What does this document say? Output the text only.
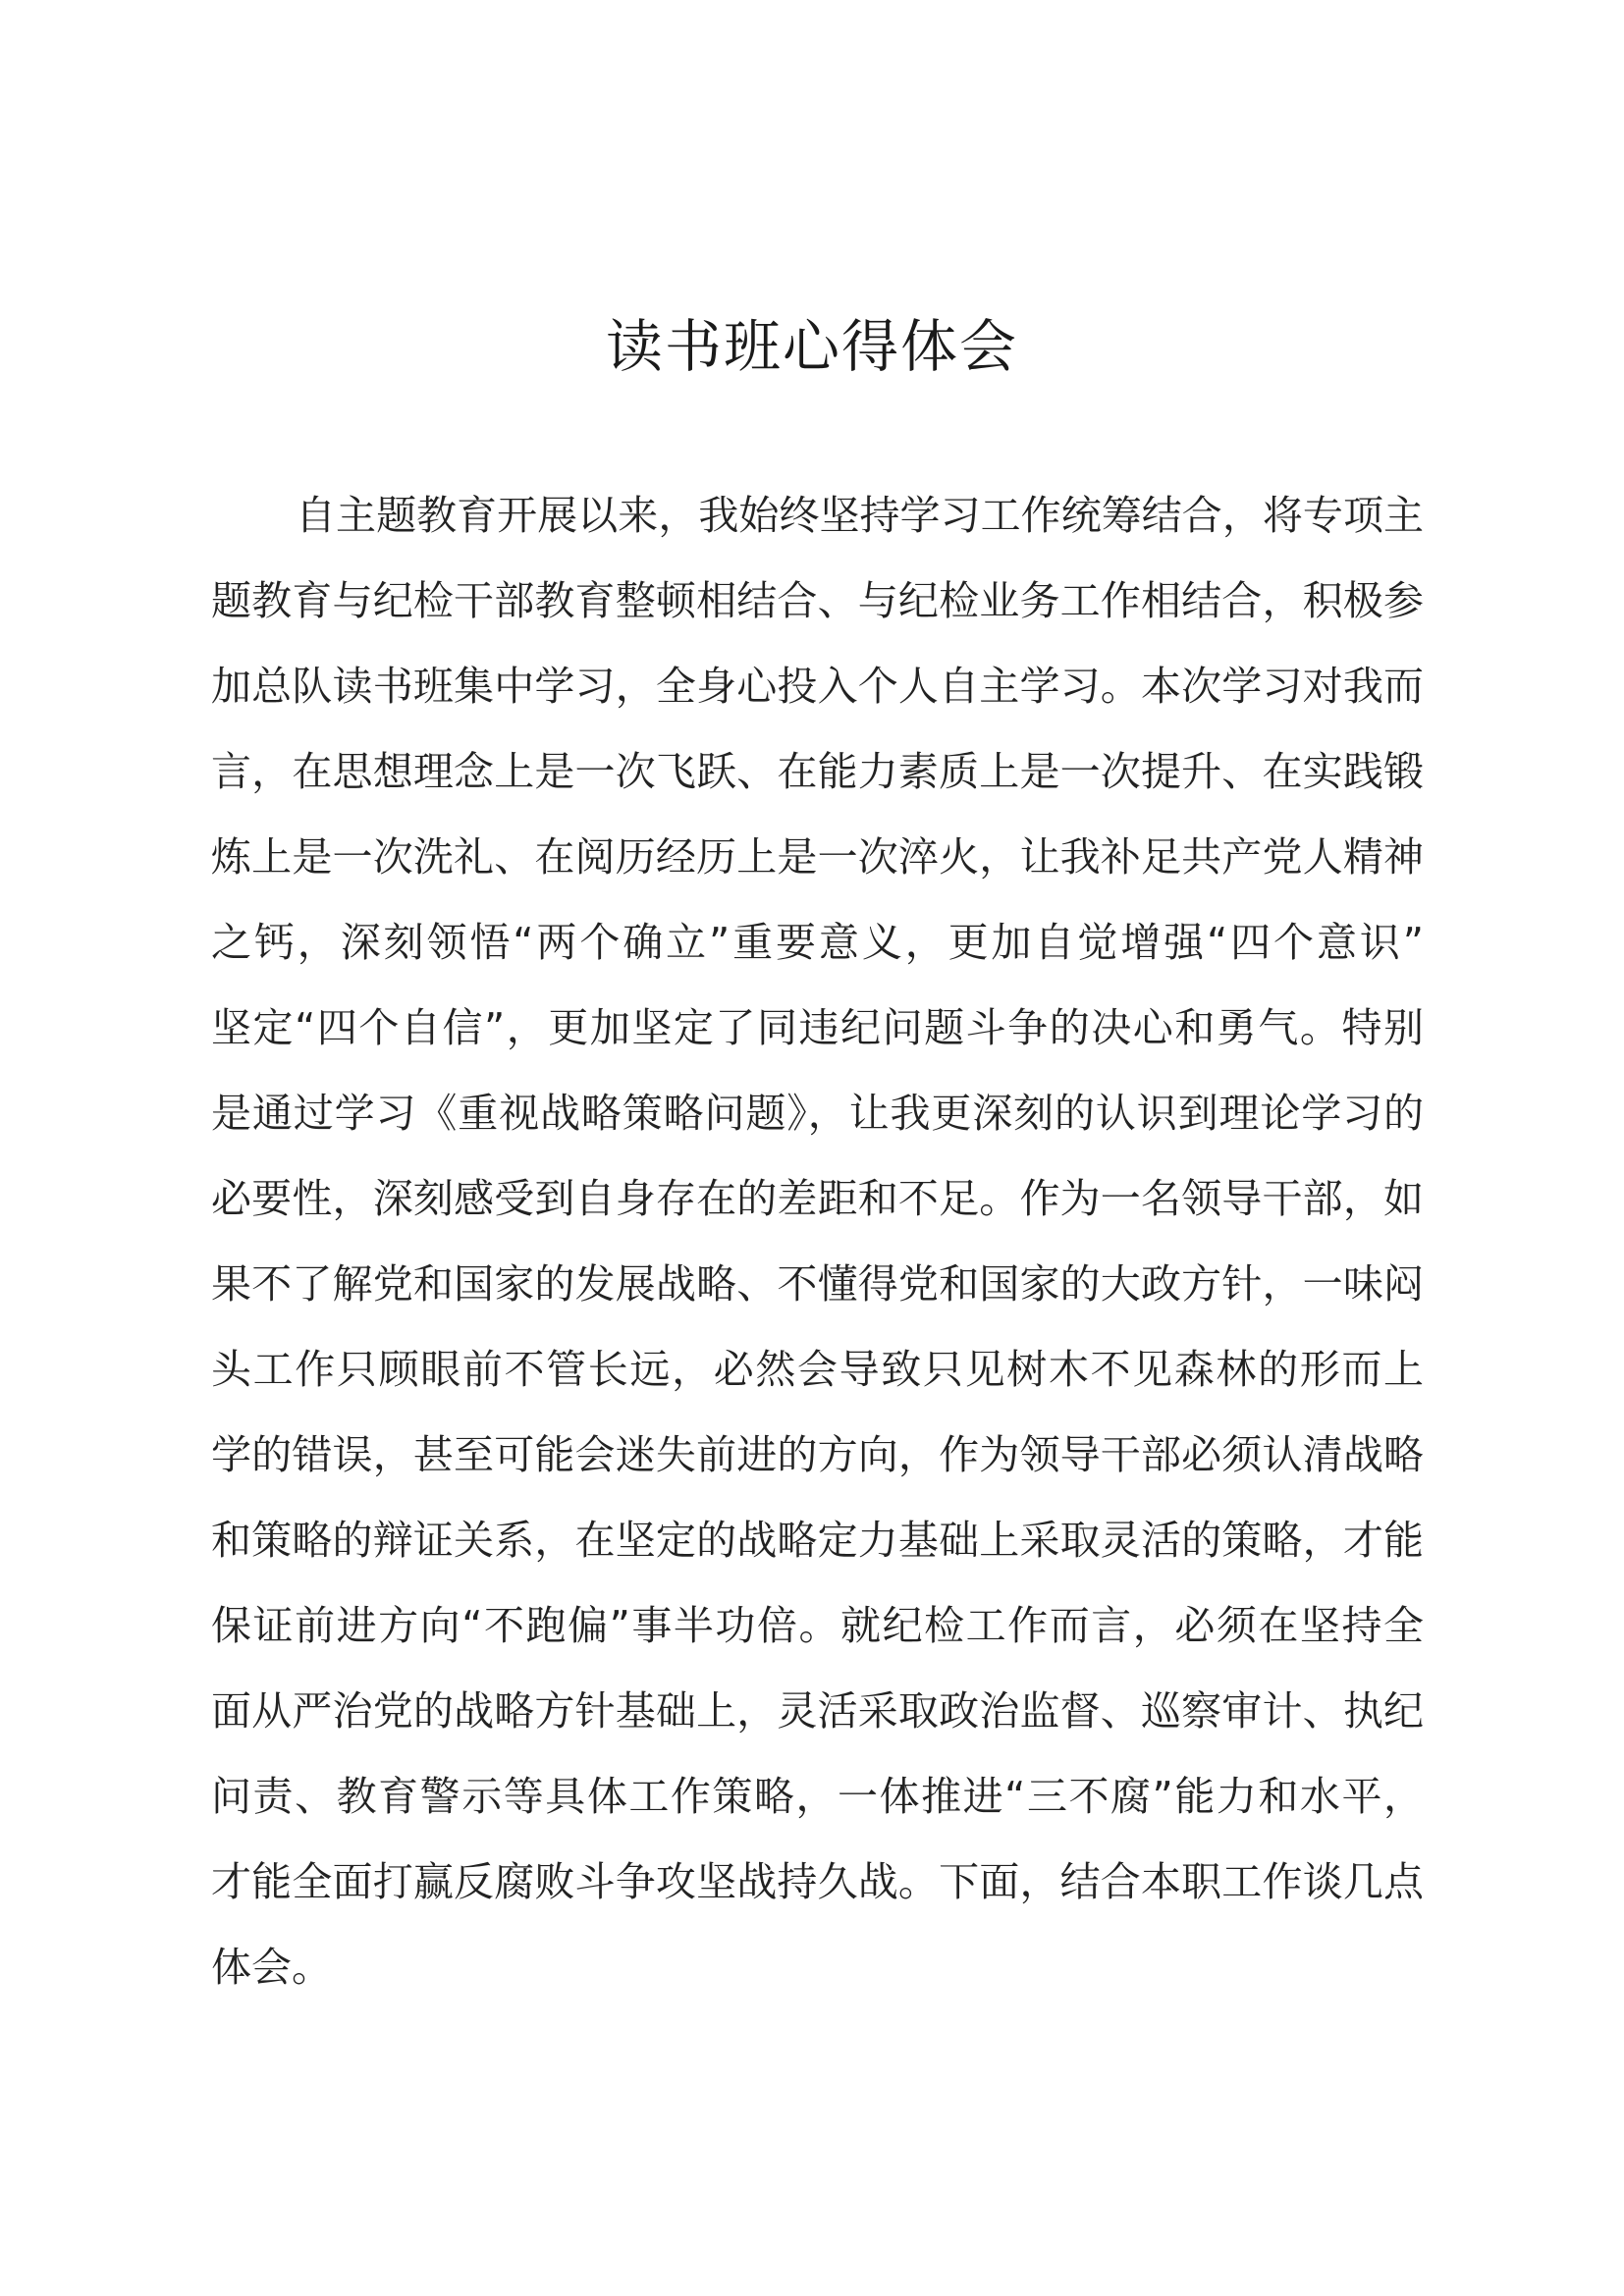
读书班心得体会
自主题教育开展以来，我始终坚持学习工作统筹结合，将专项主
题教育与纪检干部教育整顿相结合、与纪检业务工作相结合，积极参
加总队读书班集中学习，全身心投入个人自主学习。本次学习对我而
言，在思想理念上是一次飞跃、在能力素质上是一次提升、在实践锻
炼上是一次洗礼、在阅历经历上是一次淬火，让我补足共产党人精神
之钙，深刻领悟“两个确立”重要意义，更加自觉增强“四个意识”
坚定“四个自信”，更加坚定了同违纪问题斗争的决心和勇气。特别
是通过学习《重视战略策略问题》，让我更深刻的认识到理论学习的
必要性，深刻感受到自身存在的差距和不足。作为一名领导干部，如
果不了解党和国家的发展战略、不懂得党和国家的大政方针，一味闷
头工作只顾眼前不管长远，必然会导致只见树木不见森林的形而上
学的错误，甚至可能会迷失前进的方向，作为领导干部必须认清战略
和策略的辩证关系，在坚定的战略定力基础上采取灵活的策略，才能
保证前进方向“不跑偏”事半功倍。就纪检工作而言，必须在坚持全
面从严治党的战略方针基础上，灵活采取政治监督、巡察审计、执纪
问责、教育警示等具体工作策略，一体推进“三不腐”能力和水平，
才能全面打赢反腐败斗争攻坚战持久战。下面，结合本职工作谈几点
体会。
